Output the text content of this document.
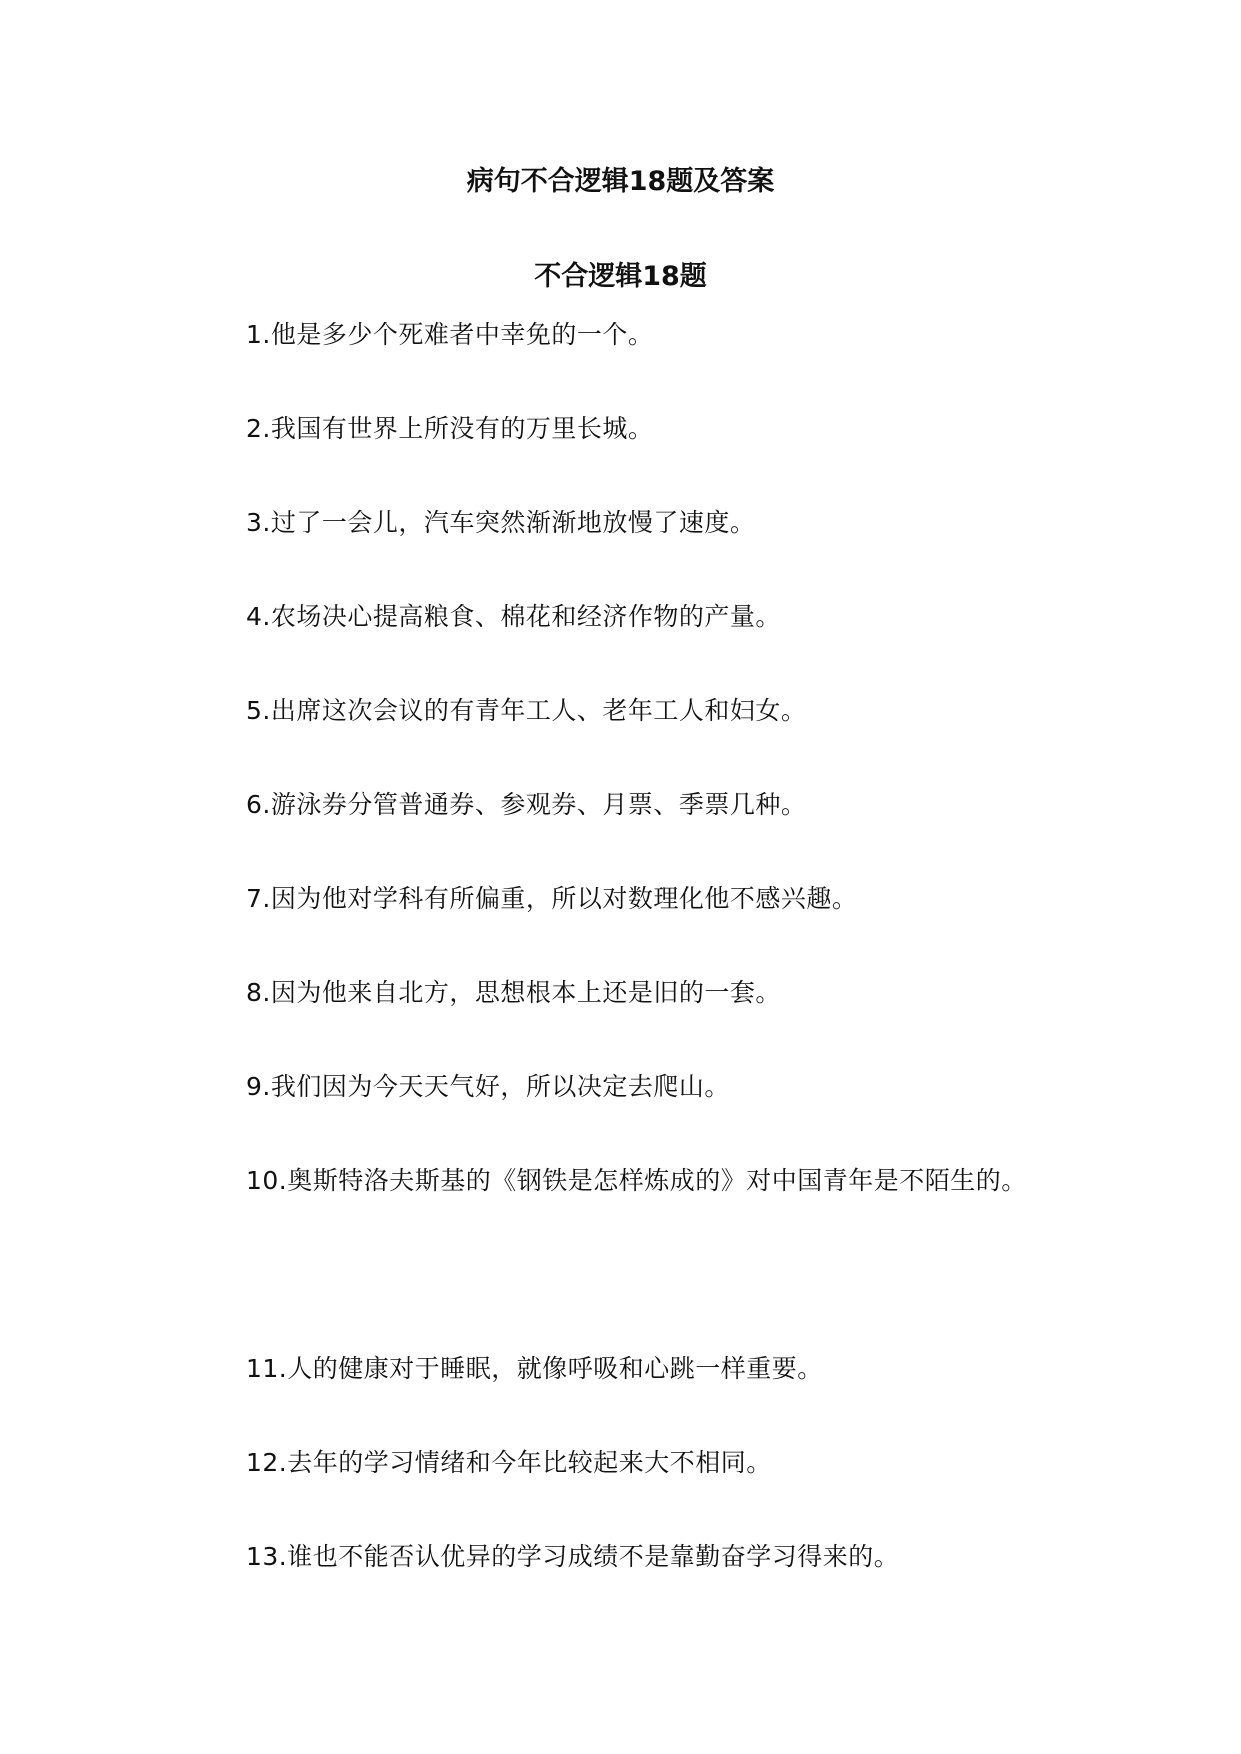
病句不合逻辑18题及答案
不合逻辑18题

1.他是多少个死难者中幸免的一个。

2.我国有世界上所没有的万里长城。

3.过了一会儿，汽车突然渐渐地放慢了速度。

4.农场决心提高粮食、棉花和经济作物的产量。

5.出席这次会议的有青年工人、老年工人和妇女。

6.游泳券分管普通券、参观券、月票、季票几种。

7.因为他对学科有所偏重，所以对数理化他不感兴趣。

8.因为他来自北方，思想根本上还是旧的一套。

9.我们因为今天天气好，所以决定去爬山。

10.奥斯特洛夫斯基的《钢铁是怎样炼成的》对中国青年是不陌生的。

11.人的健康对于睡眠，就像呼吸和心跳一样重要。

12.去年的学习情绪和今年比较起来大不相同。

13.谁也不能否认优异的学习成绩不是靠勤奋学习得来的。
